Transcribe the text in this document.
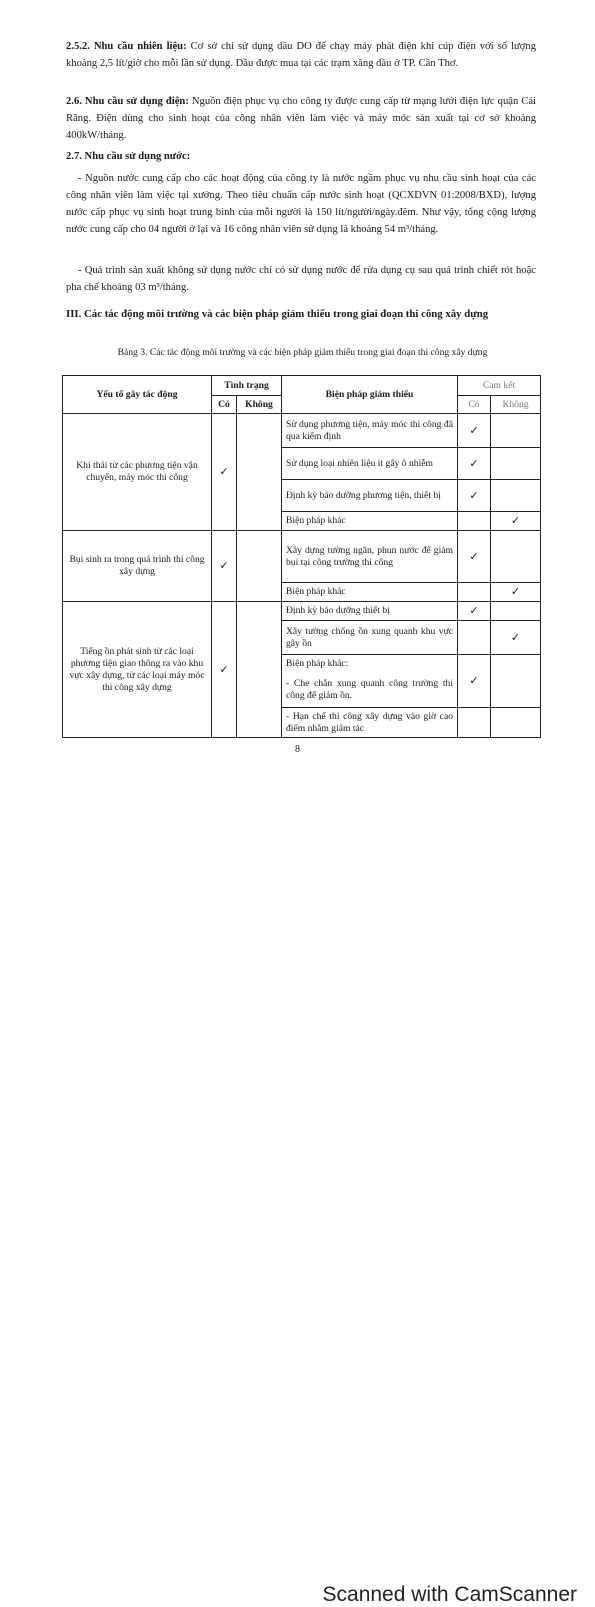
2.5.2. Nhu cầu nhiên liệu: Cơ sở chỉ sử dụng dầu DO để chạy máy phát điện khi cúp điện với số lượng khoảng 2,5 lít/giờ cho mỗi lần sử dụng. Dầu được mua tại các trạm xăng dầu ở TP. Cần Thơ.
2.6. Nhu cầu sử dụng điện: Nguồn điện phục vụ cho công ty được cung cấp từ mạng lưới điện lực quận Cái Răng. Điện dùng cho sinh hoạt của công nhân viên làm việc và máy móc sản xuất tại cơ sở khoảng 400kW/tháng.
2.7. Nhu cầu sử dụng nước:
- Nguồn nước cung cấp cho các hoạt động của công ty là nước ngầm phục vụ nhu cầu sinh hoạt của các công nhân viên làm việc tại xưởng. Theo tiêu chuẩn cấp nước sinh hoạt (QCXDVN 01:2008/BXD), lượng nước cấp phục vụ sinh hoạt trung bình của mỗi người là 150 lít/người/ngày.đêm. Như vậy, tổng cộng lượng nước cung cấp cho 04 người ở lại và 16 công nhân viên sử dụng là khoảng 54 m³/tháng.
- Quá trình sản xuất không sử dụng nước chỉ có sử dụng nước để rửa dụng cụ sau quá trình chiết rót hoặc pha chế khoảng 03 m³/tháng.
III. Các tác động môi trường và các biện pháp giảm thiểu trong giai đoạn thi công xây dựng
Bảng 3. Các tác động môi trường và các biện pháp giảm thiểu trong giai đoạn thi công xây dựng
Yếu tố gây tác động	Tình trạng		Biện pháp giảm thiểu	Cam kết	
	Có	Không		Có	Không
Khí thải từ các phương tiện vận chuyển, máy móc thi công	✓		Sử dụng phương tiện, máy móc thi công đã qua kiểm định	✓	
			Sử dụng loại nhiên liệu ít gây ô nhiễm	✓	
			Định kỳ bảo dưỡng phương tiện, thiết bị	✓	
			Biện pháp khác		✓
Bụi sinh ra trong quá trình thi công xây dựng	✓		Xây dựng tường ngăn, phun nước để giảm bụi tại công trường thi công	✓	
			Biện pháp khác		✓
Tiếng ồn phát sinh từ các loại phương tiện giao thông ra vào khu vực xây dựng, từ các loại máy móc thi công xây dựng	✓		Định kỳ bảo dưỡng thiết bị	✓	
			Xây tường chống ồn xung quanh khu vực gây ồn		✓
			Biện pháp khác:	✓	
			- Che chắn xung quanh công trường thi công để giảm ồn.		
			- Hạn chế thi công xây dựng vào giờ cao điểm nhằm giảm tác		
8
Scanned with CamScanner
